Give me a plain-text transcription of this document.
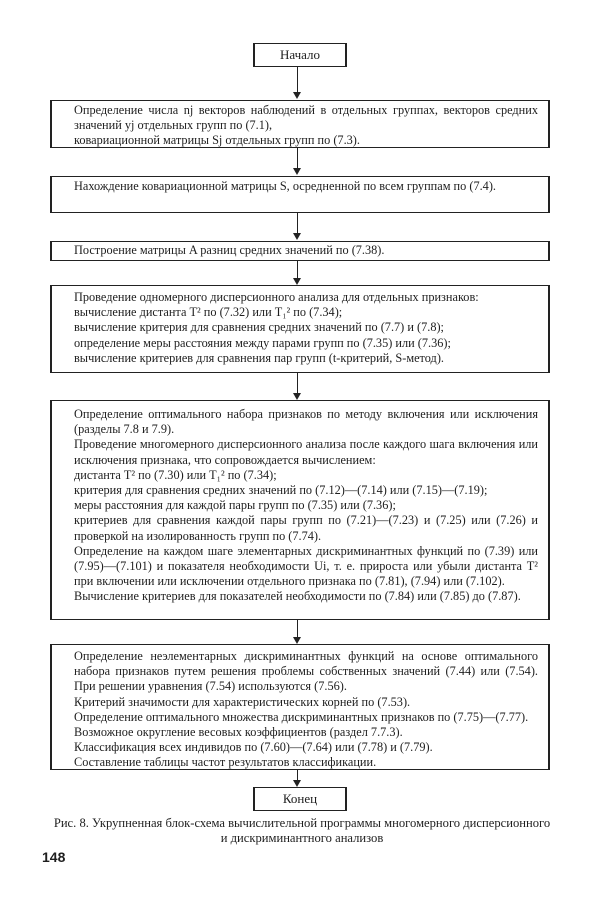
Начало

Определение числа nj векторов наблюдений в отдельных группах, векторов средних значений yj отдельных групп по (7.1),

ковариационной матрицы Sj отдельных групп по (7.3).

Нахождение ковариационной матрицы S, осредненной по всем группам по (7.4).

Построение матрицы A разниц средних значений по (7.38).

Проведение одномерного дисперсионного анализа для отдельных признаков:

вычисление дистанта T² по (7.32) или T₁² по (7.34);

вычисление критерия для сравнения средних значений по (7.7) и (7.8);

определение меры расстояния между парами групп по (7.35) или (7.36);

вычисление критериев для сравнения пар групп (t-критерий, S-метод).

Определение оптимального набора признаков по методу включения или исключения (разделы 7.8 и 7.9).

Проведение многомерного дисперсионного анализа после каждого шага включения или исключения признака, что сопровождается вычислением:

дистанта T² по (7.30) или T₁² по (7.34);

критерия для сравнения средних значений по (7.12)—(7.14) или (7.15)—(7.19);

меры расстояния для каждой пары групп по (7.35) или (7.36);

критериев для сравнения каждой пары групп по (7.21)—(7.23) и (7.25) или (7.26) и проверкой на изолированность групп по (7.74).

Определение на каждом шаге элементарных дискриминантных функций по (7.39) или (7.95)—(7.101) и показателя необходимости Ui, т. е. прироста или убыли дистанта T² при включении или исключении отдельного признака по (7.81), (7.94) или (7.102).

Вычисление критериев для показателей необходимости по (7.84) или (7.85) до (7.87).

Определение неэлементарных дискриминантных функций на основе оптимального набора признаков путем решения проблемы собственных значений (7.44) или (7.54). При решении уравнения (7.54) используются (7.56).

Критерий значимости для характеристических корней по (7.53).

Определение оптимального множества дискриминантных признаков по (7.75)—(7.77).

Возможное округление весовых коэффициентов (раздел 7.7.3).

Классификация всех индивидов по (7.60)—(7.64) или (7.78) и (7.79).

Составление таблицы частот результатов классификации.

Конец
Рис. 8. Укрупненная блок-схема вычислительной программы многомерного дисперсионного и дискриминантного анализов
148
